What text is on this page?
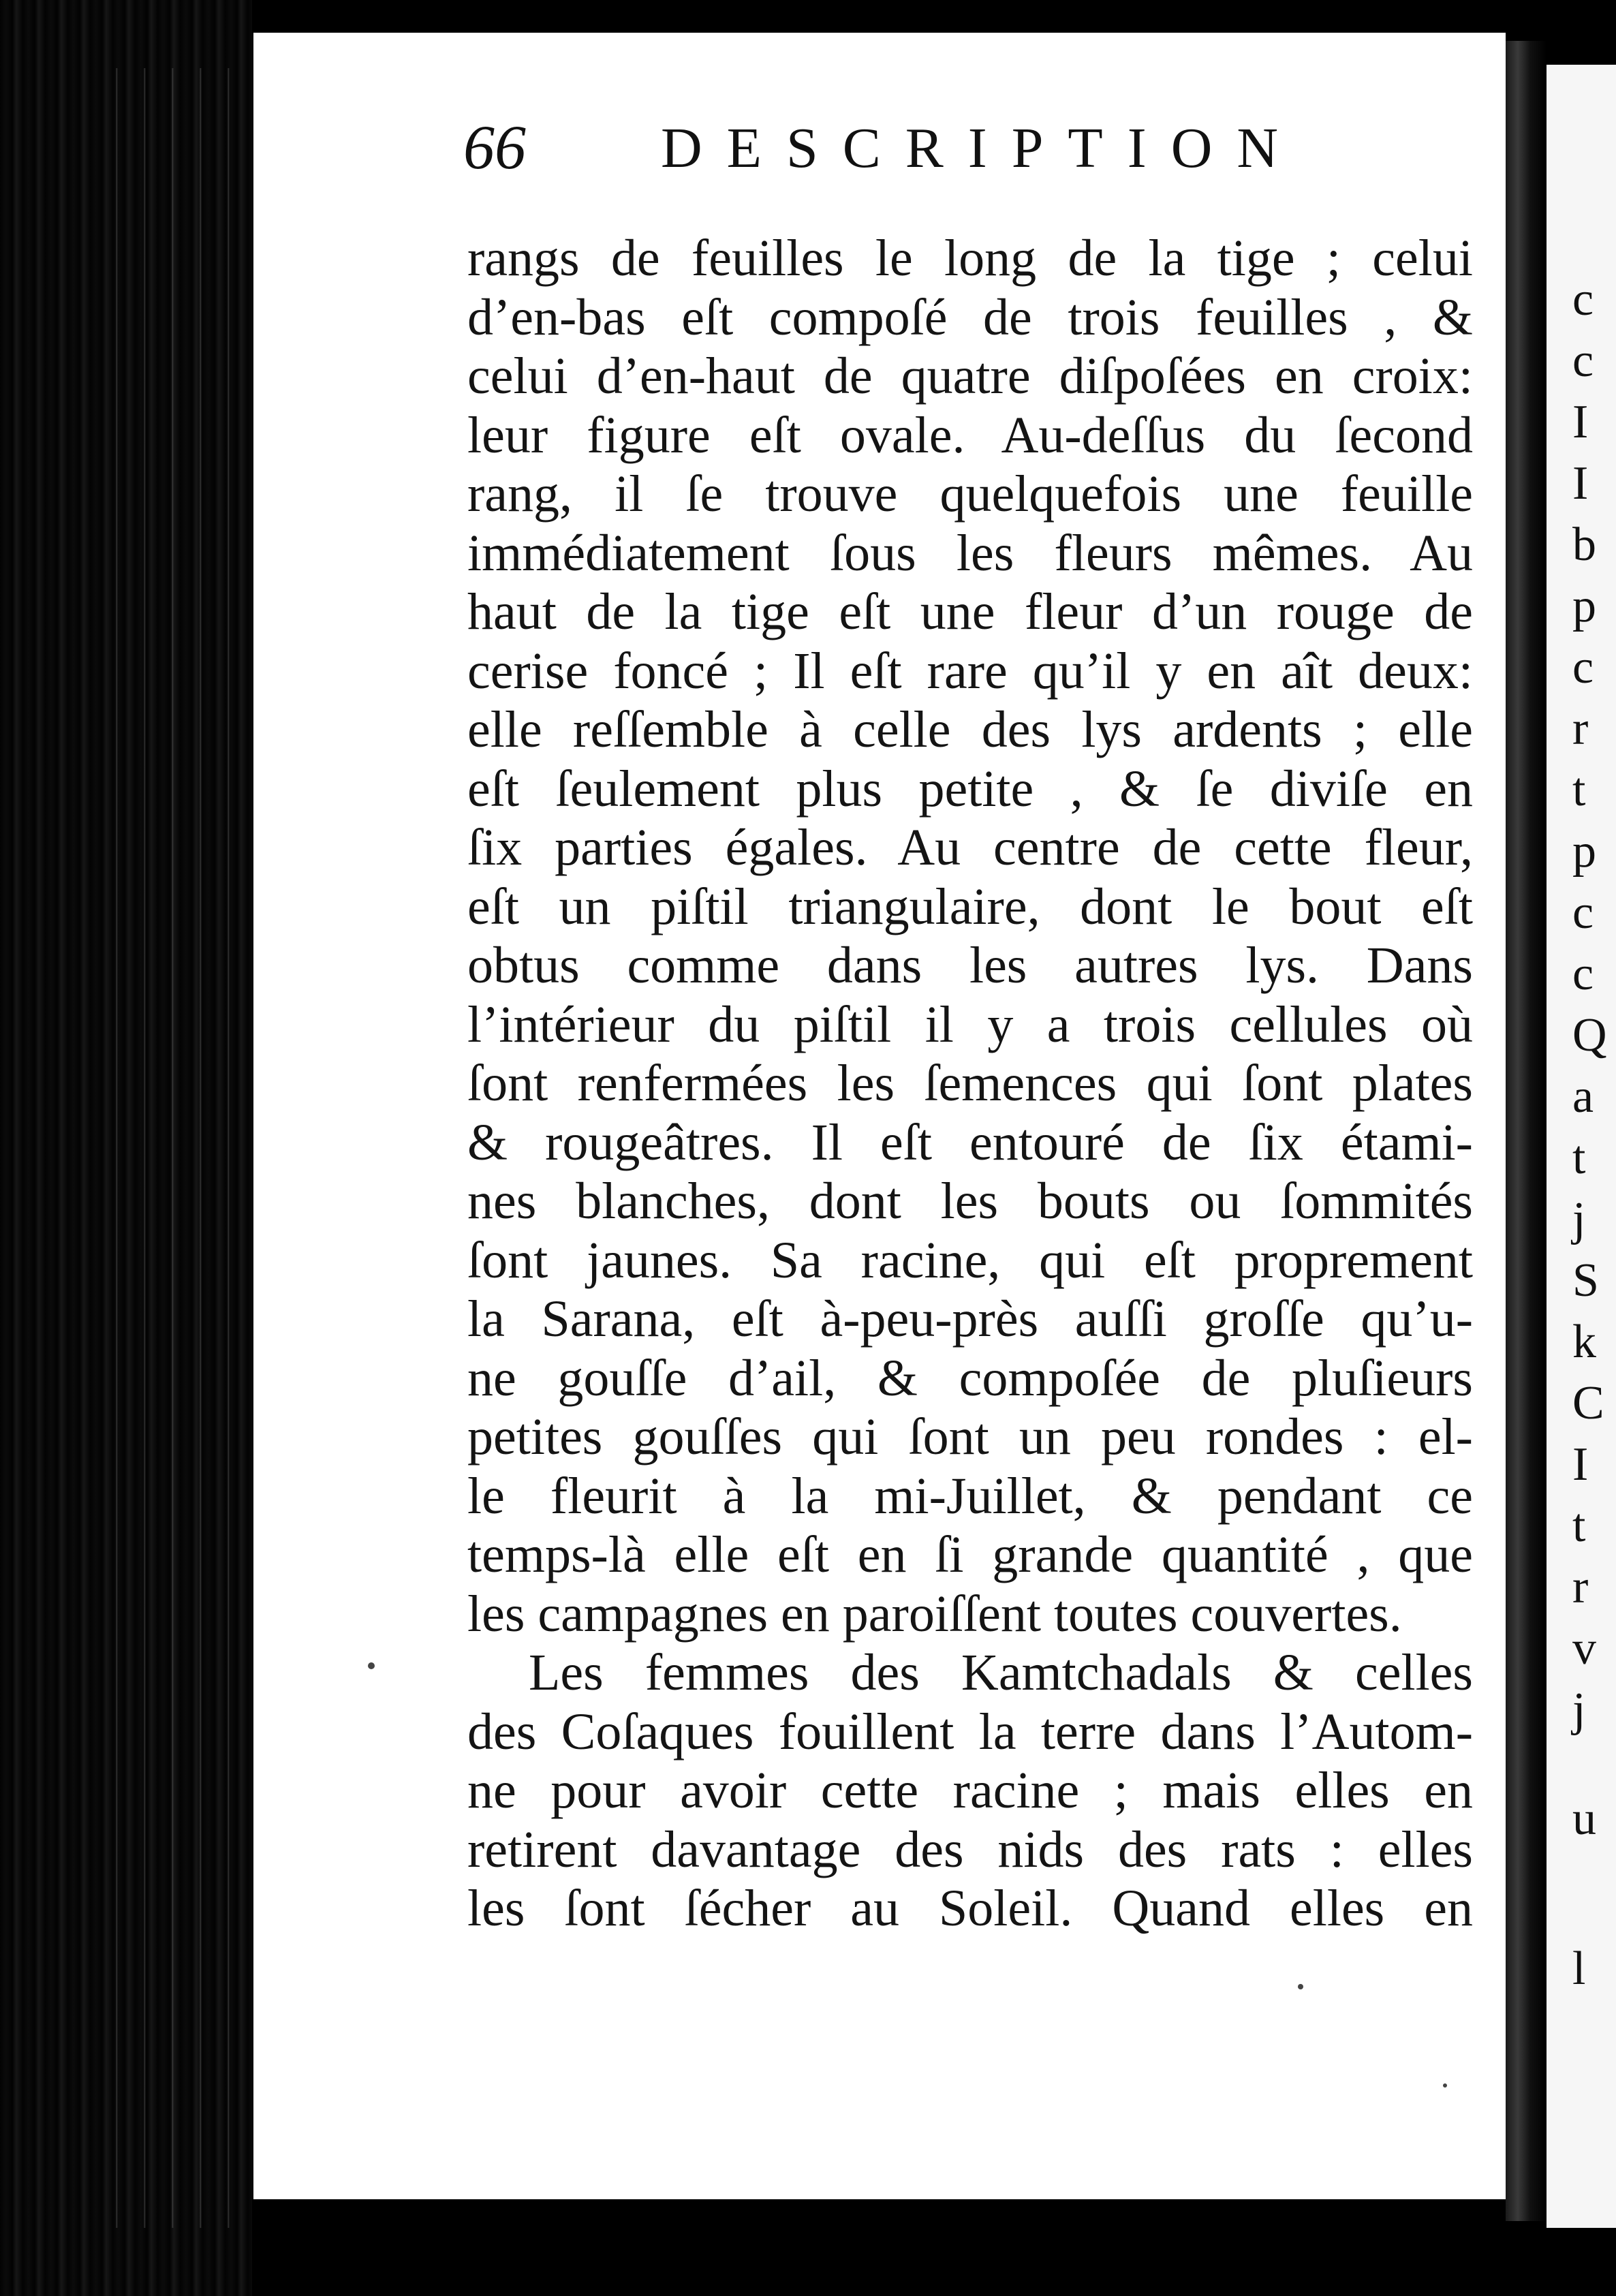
c
c
I
I
b
p
c
r
t
p
c
c
Q
a
t
j
S
k
C
I
t
r
v
j
u
l
66 DESCRIPTION
rangs de feuilles le long de la tige ; celui
d’en-bas eſt compoſé de trois feuilles , &
celui d’en-haut de quatre diſpoſées en croix:
leur figure eſt ovale. Au-deſſus du ſecond
rang, il ſe trouve quelquefois une feuille
immédiatement ſous les fleurs mêmes. Au
haut de la tige eſt une fleur d’un rouge de
cerise foncé ; Il eſt rare qu’il y en aît deux:
elle reſſemble à celle des lys ardents ; elle
eſt ſeulement plus petite , & ſe diviſe en
ſix parties égales. Au centre de cette fleur,
eſt un piſtil triangulaire, dont le bout eſt
obtus comme dans les autres lys. Dans
l’intérieur du piſtil il y a trois cellules où
ſont renfermées les ſemences qui ſont plates
& rougeâtres. Il eſt entouré de ſix étami-
nes blanches, dont les bouts ou ſommités
ſont jaunes. Sa racine, qui eſt proprement
la Sarana, eſt à-peu-près auſſi groſſe qu’u-
ne gouſſe d’ail, & compoſée de pluſieurs
petites gouſſes qui ſont un peu rondes : el-
le fleurit à la mi-Juillet, & pendant ce
temps-là elle eſt en ſi grande quantité , que
les campagnes en paroiſſent toutes couvertes.
Les femmes des Kamtchadals & celles
des Coſaques fouillent la terre dans l’Autom-
ne pour avoir cette racine ; mais elles en
retirent davantage des nids des rats : elles
les ſont ſécher au Soleil. Quand elles en
